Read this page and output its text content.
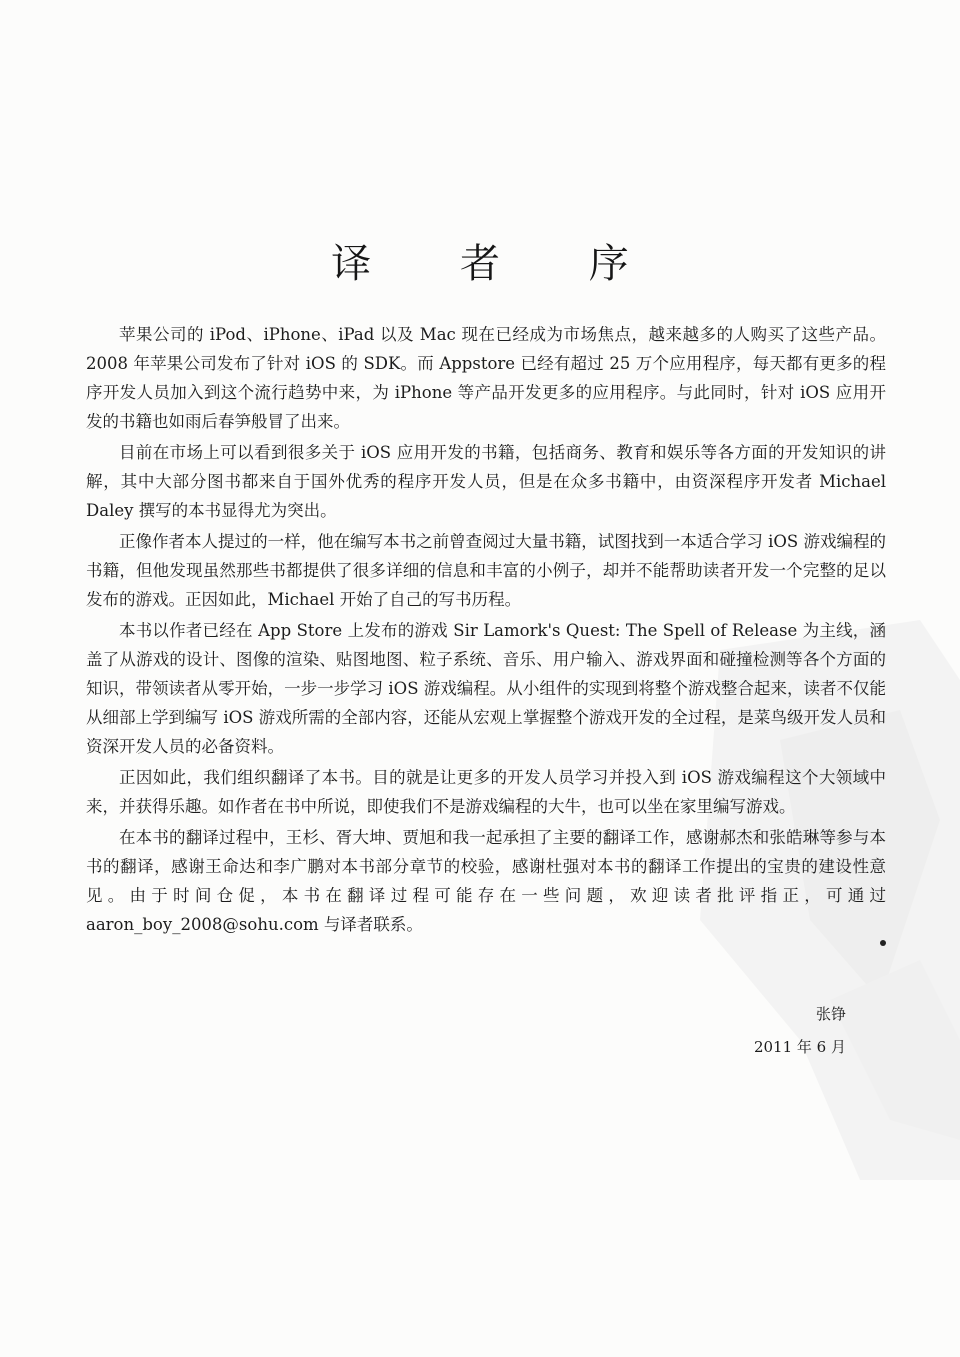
译 者 序

苹果公司的 iPod、iPhone、iPad 以及 Mac 现在已经成为市场焦点，越来越多的人购买了这些产品。2008 年苹果公司发布了针对 iOS 的 SDK。而 Appstore 已经有超过 25 万个应用程序，每天都有更多的程序开发人员加入到这个流行趋势中来，为 iPhone 等产品开发更多的应用程序。与此同时，针对 iOS 应用开发的书籍也如雨后春笋般冒了出来。

目前在市场上可以看到很多关于 iOS 应用开发的书籍，包括商务、教育和娱乐等各方面的开发知识的讲解，其中大部分图书都来自于国外优秀的程序开发人员，但是在众多书籍中，由资深程序开发者 Michael Daley 撰写的本书显得尤为突出。

正像作者本人提过的一样，他在编写本书之前曾查阅过大量书籍，试图找到一本适合学习 iOS 游戏编程的书籍，但他发现虽然那些书都提供了很多详细的信息和丰富的小例子，却并不能帮助读者开发一个完整的足以发布的游戏。正因如此，Michael 开始了自己的写书历程。

本书以作者已经在 App Store 上发布的游戏 Sir Lamork's Quest: The Spell of Release 为主线，涵盖了从游戏的设计、图像的渲染、贴图地图、粒子系统、音乐、用户输入、游戏界面和碰撞检测等各个方面的知识，带领读者从零开始，一步一步学习 iOS 游戏编程。从小组件的实现到将整个游戏整合起来，读者不仅能从细部上学到编写 iOS 游戏所需的全部内容，还能从宏观上掌握整个游戏开发的全过程，是菜鸟级开发人员和资深开发人员的必备资料。

正因如此，我们组织翻译了本书。目的就是让更多的开发人员学习并投入到 iOS 游戏编程这个大领域中来，并获得乐趣。如作者在书中所说，即使我们不是游戏编程的大牛，也可以坐在家里编写游戏。

在本书的翻译过程中，王杉、胥大坤、贾旭和我一起承担了主要的翻译工作，感谢郝杰和张皓琳等参与本书的翻译，感谢王命达和李广鹏对本书部分章节的校验，感谢杜强对本书的翻译工作提出的宝贵的建设性意见。由于时间仓促，本书在翻译过程可能存在一些问题，欢迎读者批评指正，可通过 aaron_boy_2008@sohu.com 与译者联系。

张铮
2011 年 6 月
